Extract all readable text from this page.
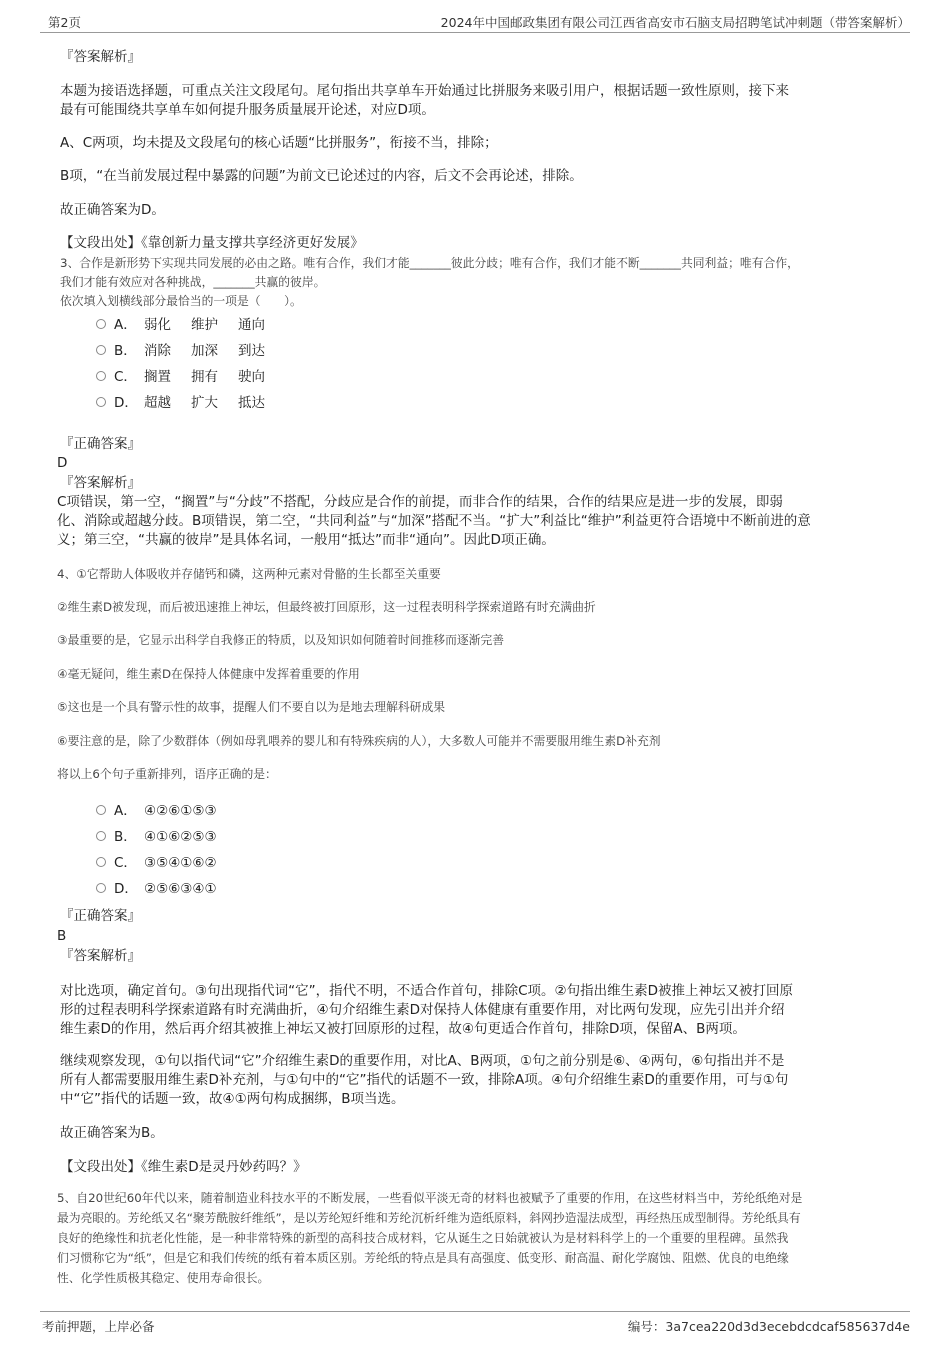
第2页	2024年中国邮政集团有限公司江西省高安市石脑支局招聘笔试冲刺题（带答案解析）
『答案解析』
本题为接语选择题，可重点关注文段尾句。尾句指出共享单车开始通过比拼服务来吸引用户，根据话题一致性原则，接下来
最有可能围绕共享单车如何提升服务质量展开论述，对应D项。
A、C两项，均未提及文段尾句的核心话题“比拼服务”，衔接不当，排除；
B项，“在当前发展过程中暴露的问题”为前文已论述过的内容，后文不会再论述，排除。
故正确答案为D。
【文段出处】《靠创新力量支撑共享经济更好发展》
3、合作是新形势下实现共同发展的必由之路。唯有合作，我们才能_______彼此分歧；唯有合作，我们才能不断_______共同利益；唯有合作，
我们才能有效应对各种挑战，_______共赢的彼岸。
依次填入划横线部分最恰当的一项是（　　）。
A． 弱化 维护 通向
B． 消除 加深 到达
C． 搁置 拥有 驶向
D． 超越 扩大 抵达
『正确答案』
D
『答案解析』
C项错误，第一空，“搁置”与“分歧”不搭配，分歧应是合作的前提，而非合作的结果，合作的结果应是进一步的发展，即弱
化、消除或超越分歧。B项错误，第二空，“共同利益”与“加深”搭配不当。“扩大”利益比“维护”利益更符合语境中不断前进的意
义；第三空，“共赢的彼岸”是具体名词，一般用“抵达”而非“通向”。因此D项正确。
4、①它帮助人体吸收并存储钙和磷，这两种元素对骨骼的生长都至关重要
②维生素D被发现，而后被迅速推上神坛，但最终被打回原形，这一过程表明科学探索道路有时充满曲折
③最重要的是，它显示出科学自我修正的特质，以及知识如何随着时间推移而逐渐完善
④毫无疑问，维生素D在保持人体健康中发挥着重要的作用
⑤这也是一个具有警示性的故事，提醒人们不要自以为是地去理解科研成果
⑥要注意的是，除了少数群体（例如母乳喂养的婴儿和有特殊疾病的人），大多数人可能并不需要服用维生素D补充剂
将以上6个句子重新排列，语序正确的是：
A． ④②⑥①⑤③
B． ④①⑥②⑤③
C． ③⑤④①⑥②
D． ②⑤⑥③④①
『正确答案』
B
『答案解析』
对比选项，确定首句。③句出现指代词“它”，指代不明，不适合作首句，排除C项。②句指出维生素D被推上神坛又被打回原
形的过程表明科学探索道路有时充满曲折，④句介绍维生素D对保持人体健康有重要作用，对比两句发现，应先引出并介绍
维生素D的作用，然后再介绍其被推上神坛又被打回原形的过程，故④句更适合作首句，排除D项，保留A、B两项。
继续观察发现，①句以指代词“它”介绍维生素D的重要作用，对比A、B两项，①句之前分别是⑥、④两句，⑥句指出并不是
所有人都需要服用维生素D补充剂，与①句中的“它”指代的话题不一致，排除A项。④句介绍维生素D的重要作用，可与①句
中“它”指代的话题一致，故④①两句构成捆绑，B项当选。
故正确答案为B。
【文段出处】《维生素D是灵丹妙药吗？》
5、自20世纪60年代以来，随着制造业科技水平的不断发展，一些看似平淡无奇的材料也被赋予了重要的作用，在这些材料当中，芳纶纸绝对是
最为亮眼的。芳纶纸又名“聚芳酰胺纤维纸”，是以芳纶短纤维和芳纶沉析纤维为造纸原料，斜网抄造湿法成型，再经热压成型制得。芳纶纸具有
良好的绝缘性和抗老化性能，是一种非常特殊的新型的高科技合成材料，它从诞生之日始就被认为是材料科学上的一个重要的里程碑。虽然我
们习惯称它为“纸”，但是它和我们传统的纸有着本质区别。芳纶纸的特点是具有高强度、低变形、耐高温、耐化学腐蚀、阻燃、优良的电绝缘
性、化学性质极其稳定、使用寿命很长。
考前押题，上岸必备	编号：3a7cea220d3d3ecebdcdcaf585637d4e
